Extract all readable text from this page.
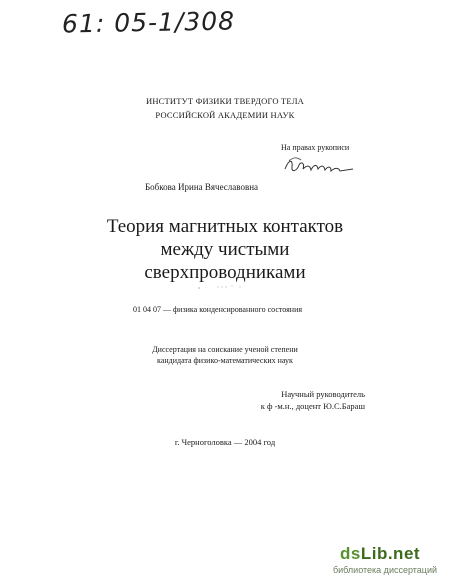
61: 05-1/308
ИНСТИТУТ ФИЗИКИ ТВЕРДОГО ТЕЛА
РОССИЙСКОЙ АКАДЕМИИ НАУК
На правах рукописи
Бобкова Ирина Вячеславовна
Теория магнитных контактов
между чистыми
сверхпроводниками
01 04 07 — физика конденсированного состояния
Диссертация на соискание ученой степени
кандидата физико-математических наук
Научный руководитель
к ф -м.н., доцент Ю.С.Бараш
г. Черноголовка — 2004 год
dsLib.net
библиотека диссертаций
